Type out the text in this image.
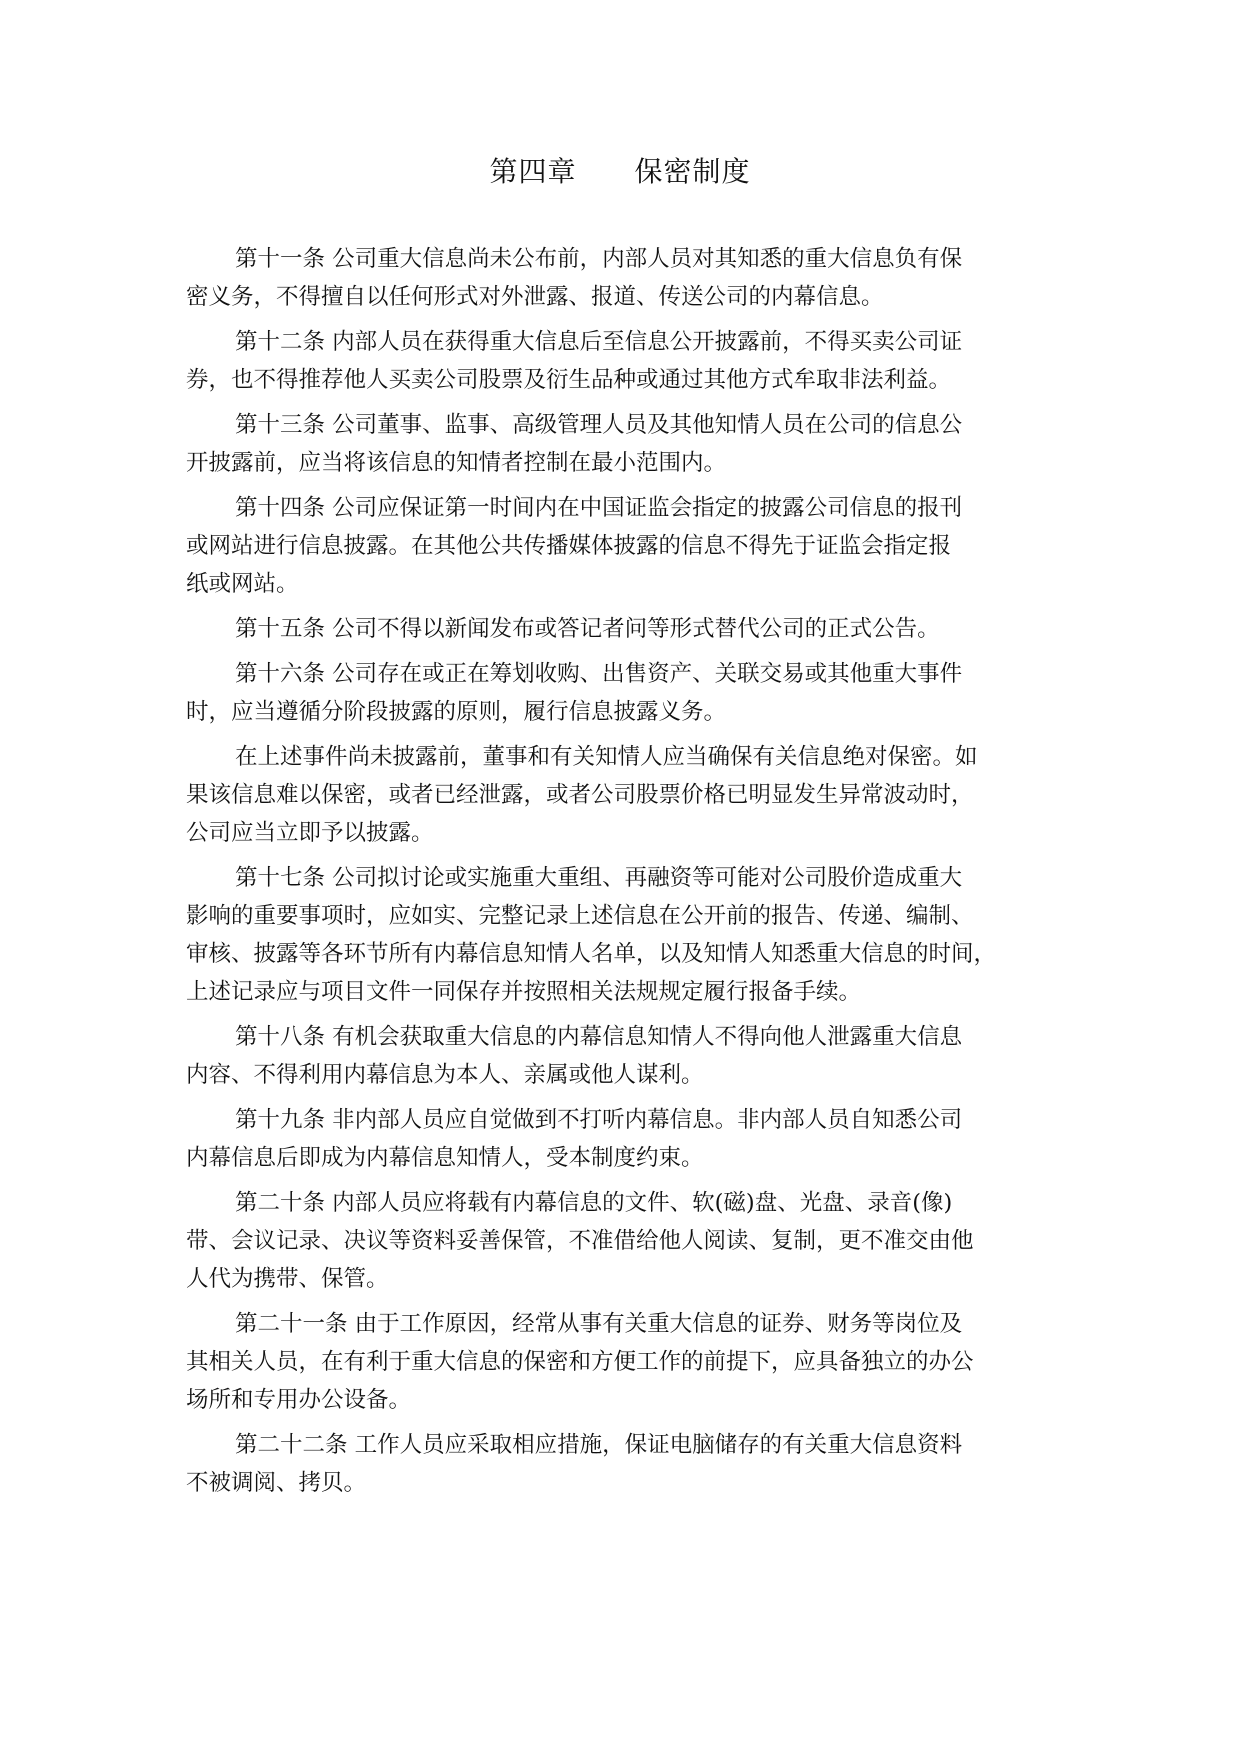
第四章　　保密制度
第十一条 公司重大信息尚未公布前，内部人员对其知悉的重大信息负有保
密义务，不得擅自以任何形式对外泄露、报道、传送公司的内幕信息。
第十二条 内部人员在获得重大信息后至信息公开披露前，不得买卖公司证
券，也不得推荐他人买卖公司股票及衍生品种或通过其他方式牟取非法利益。
第十三条 公司董事、监事、高级管理人员及其他知情人员在公司的信息公
开披露前，应当将该信息的知情者控制在最小范围内。
第十四条 公司应保证第一时间内在中国证监会指定的披露公司信息的报刊
或网站进行信息披露。在其他公共传播媒体披露的信息不得先于证监会指定报
纸或网站。
第十五条 公司不得以新闻发布或答记者问等形式替代公司的正式公告。
第十六条 公司存在或正在筹划收购、出售资产、关联交易或其他重大事件
时，应当遵循分阶段披露的原则，履行信息披露义务。
在上述事件尚未披露前，董事和有关知情人应当确保有关信息绝对保密。如
果该信息难以保密，或者已经泄露，或者公司股票价格已明显发生异常波动时，
公司应当立即予以披露。
第十七条 公司拟讨论或实施重大重组、再融资等可能对公司股价造成重大
影响的重要事项时，应如实、完整记录上述信息在公开前的报告、传递、编制、
审核、披露等各环节所有内幕信息知情人名单，以及知情人知悉重大信息的时间，
上述记录应与项目文件一同保存并按照相关法规规定履行报备手续。
第十八条 有机会获取重大信息的内幕信息知情人不得向他人泄露重大信息
内容、不得利用内幕信息为本人、亲属或他人谋利。
第十九条 非内部人员应自觉做到不打听内幕信息。非内部人员自知悉公司
内幕信息后即成为内幕信息知情人，受本制度约束。
第二十条 内部人员应将载有内幕信息的文件、软(磁)盘、光盘、录音(像)
带、会议记录、决议等资料妥善保管，不准借给他人阅读、复制，更不准交由他
人代为携带、保管。
第二十一条 由于工作原因，经常从事有关重大信息的证券、财务等岗位及
其相关人员，在有利于重大信息的保密和方便工作的前提下，应具备独立的办公
场所和专用办公设备。
第二十二条 工作人员应采取相应措施，保证电脑储存的有关重大信息资料
不被调阅、拷贝。
